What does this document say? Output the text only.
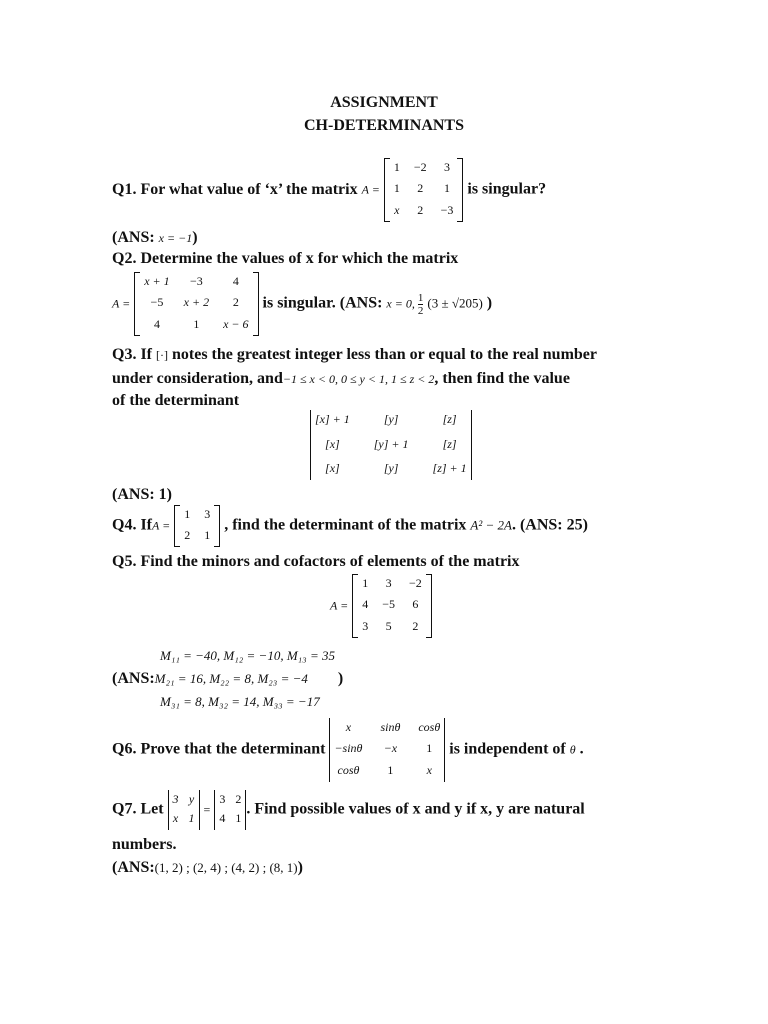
ASSIGNMENT
CH-DETERMINANTS
Q1. For what value of ‘x’ the matrix A =
1 −2 3
1 2 1
x 2 −3
is singular?
(ANS: x = −1)
Q2. Determine the values of x for which the matrix
A =
x + 1	−3	4
−5	x + 2	2
4	1	x − 6
is singular. (ANS: x = 0, $\frac{1}{2} (3 \pm √205)$ )
Q3. If [·] notes the greatest integer less than or equal to the real number
under consideration, and−1 ≤ x < 0, 0 ≤ y < 1, 1 ≤ z < 2, then find the value
of the determinant
[x] + 1	[y]	[z]
[x]	[y] + 1	[z]
[x]	[y]	[z] + 1
(ANS: 1)
Q4. IfA =
1 3
2 1
, find the determinant of the matrix A² − 2A. (ANS: 25)
Q5. Find the minors and cofactors of elements of the matrix
A =
1 3 −2
4 −5 6
3 5 2
M₁₁ = −40, M₁₂ = −10, M₁₃ = 35
(ANS:M₂₁ = 16, M₂₂ = 8, M₂₃ = −4 )
M₃₁ = 8, M₃₂ = 14, M₃₃ = −17
Q6. Prove that the determinant
x	sinθ cosθ
−sinθ −x	1
cosθ	1	x
is independent of θ .
Q7. Let
3 y
x 1
=
3 2
4 1
. Find possible values of x and y if x, y are natural
numbers.
(ANS:(1, 2) ; (2, 4) ; (4, 2) ; (8, 1))
